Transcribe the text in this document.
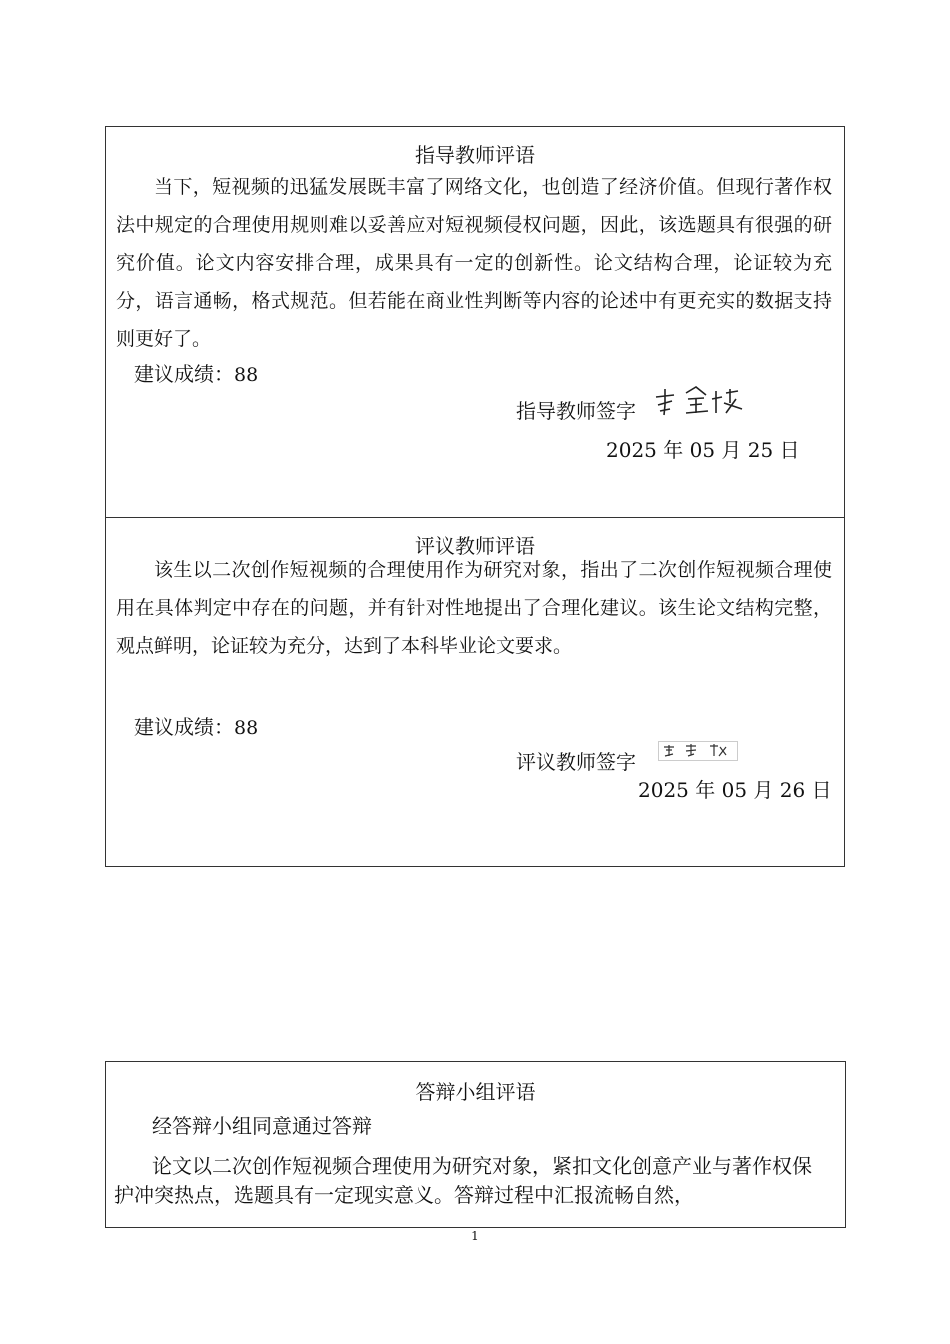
指导教师评语
当下，短视频的迅猛发展既丰富了网络文化，也创造了经济价值。但现行著作权法中规定的合理使用规则难以妥善应对短视频侵权问题，因此，该选题具有很强的研究价值。论文内容安排合理，成果具有一定的创新性。论文结构合理，论证较为充分，语言通畅，格式规范。但若能在商业性判断等内容的论述中有更充实的数据支持则更好了。
建议成绩：88
指导教师签字
2025 年 05 月 25 日
评议教师评语
该生以二次创作短视频的合理使用作为研究对象，指出了二次创作短视频合理使用在具体判定中存在的问题，并有针对性地提出了合理化建议。该生论文结构完整，观点鲜明，论证较为充分，达到了本科毕业论文要求。
建议成绩：88
评议教师签字
2025 年 05 月 26 日
答辩小组评语
经答辩小组同意通过答辩
论文以二次创作短视频合理使用为研究对象，紧扣文化创意产业与著作权保护冲突热点，选题具有一定现实意义。答辩过程中汇报流畅自然，
1
